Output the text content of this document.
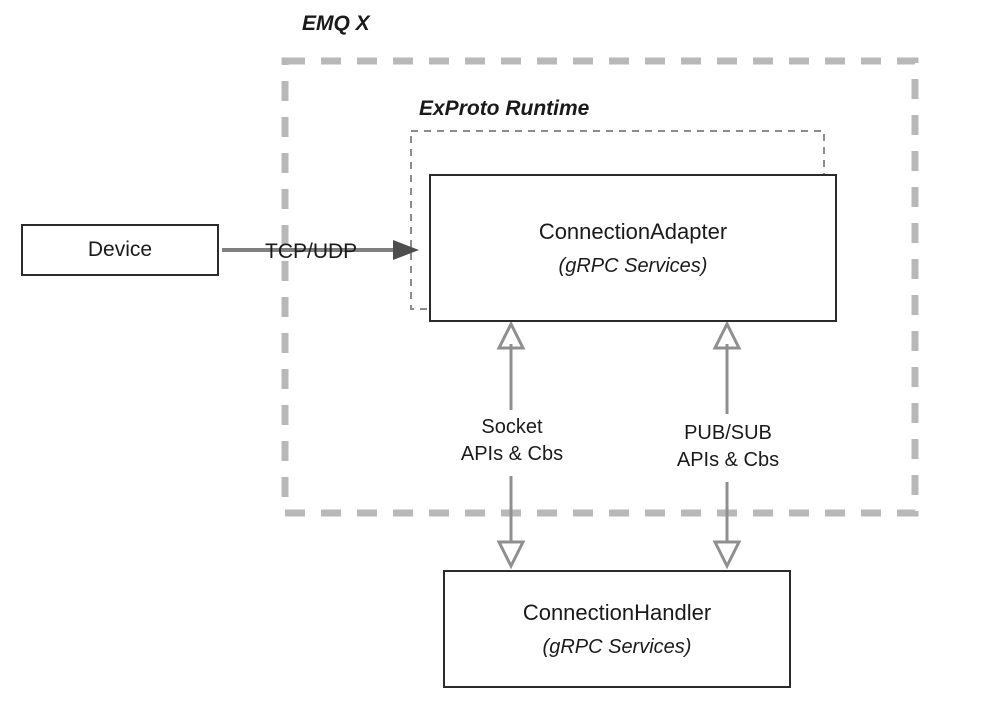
EMQ X
ExProto Runtime
Device
ConnectionAdapter
(gRPC Services)
ConnectionHandler
(gRPC Services)
TCP/UDP
Socket
APIs & Cbs
PUB/SUB
APIs & Cbs
